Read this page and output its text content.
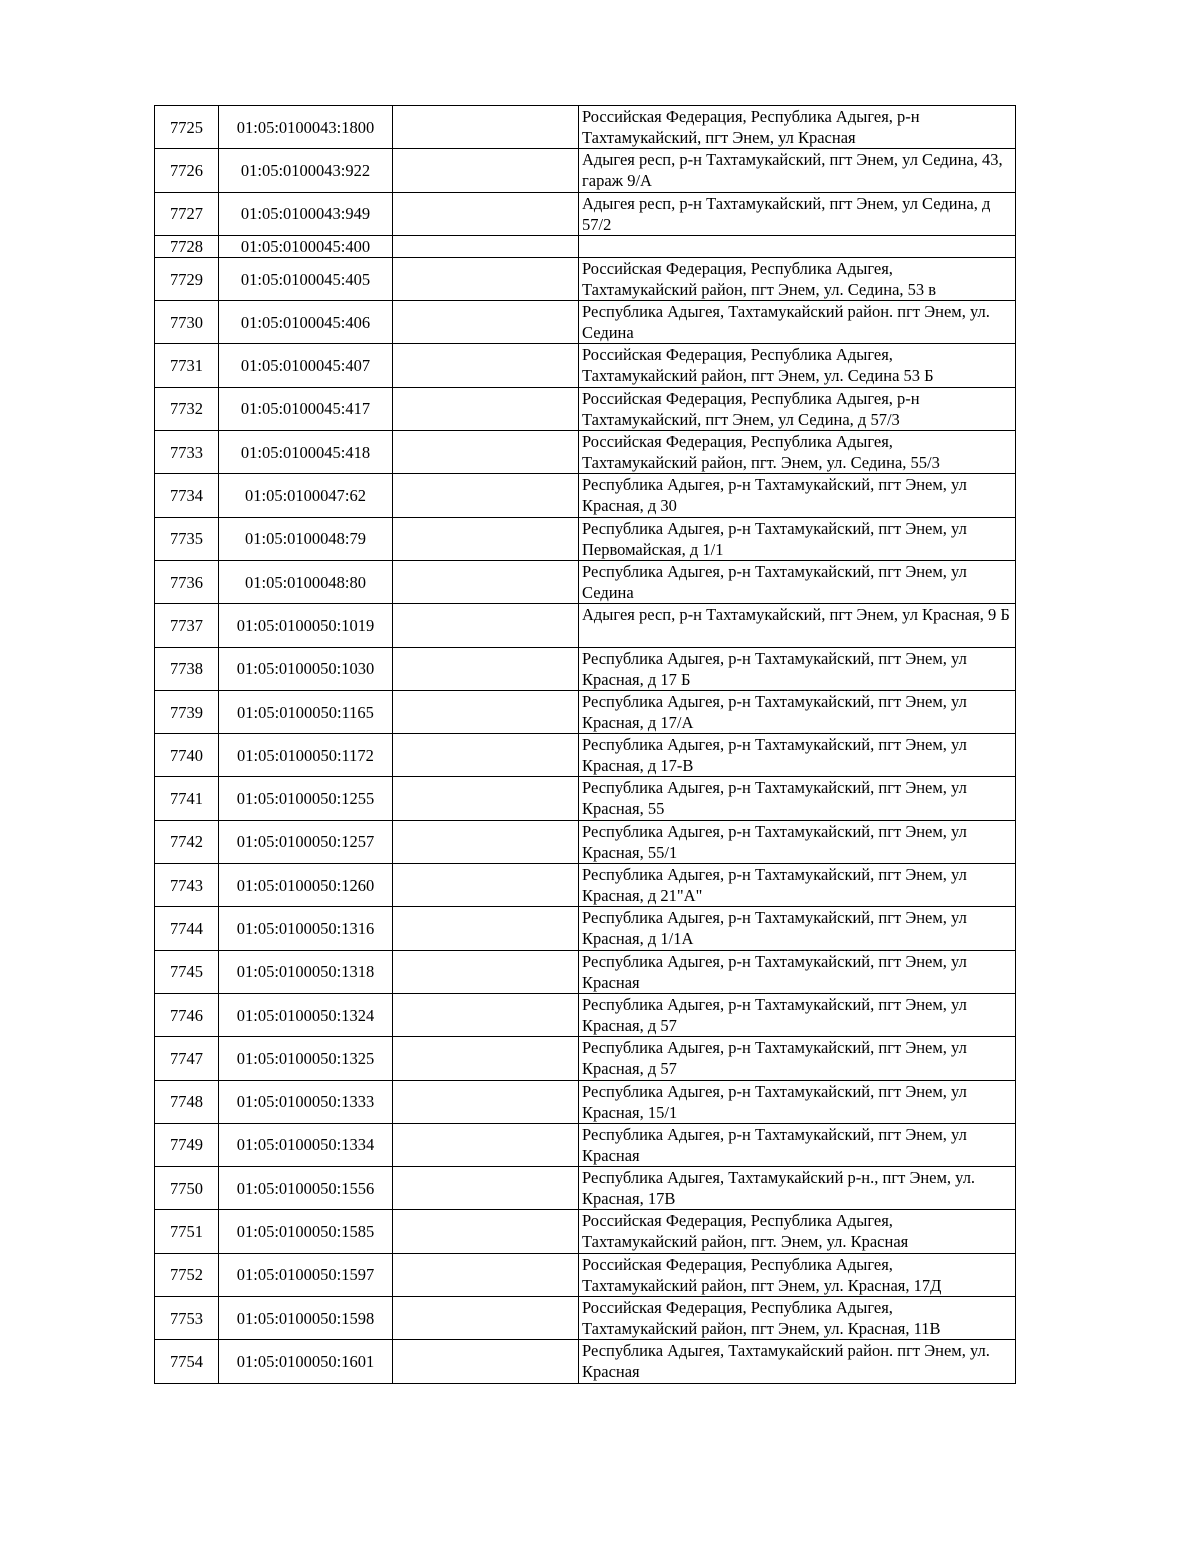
7725	01:05:0100043:1800		Российская Федерация, Республика Адыгея, р-н Тахтамукайский, пгт Энем, ул Красная
7726	01:05:0100043:922		Адыгея респ, р-н Тахтамукайский, пгт Энем, ул Седина, 43, гараж 9/А
7727	01:05:0100043:949		Адыгея респ, р-н Тахтамукайский, пгт Энем, ул Седина, д 57/2
7728	01:05:0100045:400		
7729	01:05:0100045:405		Российская Федерация, Республика Адыгея, Тахтамукайский район, пгт Энем, ул. Седина, 53 в
7730	01:05:0100045:406		Республика Адыгея, Тахтамукайский район. пгт Энем, ул. Седина
7731	01:05:0100045:407		Российская Федерация, Республика Адыгея, Тахтамукайский район, пгт Энем, ул. Седина 53 Б
7732	01:05:0100045:417		Российская Федерация, Республика Адыгея, р-н Тахтамукайский, пгт Энем, ул Седина, д 57/3
7733	01:05:0100045:418		Российская Федерация, Республика Адыгея, Тахтамукайский район, пгт. Энем, ул. Седина, 55/3
7734	01:05:0100047:62		Республика Адыгея, р-н Тахтамукайский, пгт Энем, ул Красная, д 30
7735	01:05:0100048:79		Республика Адыгея, р-н Тахтамукайский, пгт Энем, ул Первомайская, д 1/1
7736	01:05:0100048:80		Республика Адыгея, р-н Тахтамукайский, пгт Энем, ул Седина
7737	01:05:0100050:1019		Адыгея респ, р-н Тахтамукайский, пгт Энем, ул Красная, 9 Б
7738	01:05:0100050:1030		Республика Адыгея, р-н Тахтамукайский, пгт Энем, ул Красная, д 17 Б
7739	01:05:0100050:1165		Республика Адыгея, р-н Тахтамукайский, пгт Энем, ул Красная, д 17/А
7740	01:05:0100050:1172		Республика Адыгея, р-н Тахтамукайский, пгт Энем, ул Красная, д 17-В
7741	01:05:0100050:1255		Республика Адыгея, р-н Тахтамукайский, пгт Энем, ул Красная, 55
7742	01:05:0100050:1257		Республика Адыгея, р-н Тахтамукайский, пгт Энем, ул Красная, 55/1
7743	01:05:0100050:1260		Республика Адыгея, р-н Тахтамукайский, пгт Энем, ул Красная, д 21"А"
7744	01:05:0100050:1316		Республика Адыгея, р-н Тахтамукайский, пгт Энем, ул Красная, д 1/1А
7745	01:05:0100050:1318		Республика Адыгея, р-н Тахтамукайский, пгт Энем, ул Красная
7746	01:05:0100050:1324		Республика Адыгея, р-н Тахтамукайский, пгт Энем, ул Красная, д 57
7747	01:05:0100050:1325		Республика Адыгея, р-н Тахтамукайский, пгт Энем, ул Красная, д 57
7748	01:05:0100050:1333		Республика Адыгея, р-н Тахтамукайский, пгт Энем, ул Красная, 15/1
7749	01:05:0100050:1334		Республика Адыгея, р-н Тахтамукайский, пгт Энем, ул Красная
7750	01:05:0100050:1556		Республика Адыгея, Тахтамукайский р-н., пгт Энем, ул. Красная, 17В
7751	01:05:0100050:1585		Российская Федерация, Республика Адыгея, Тахтамукайский район, пгт. Энем, ул. Красная
7752	01:05:0100050:1597		Российская Федерация, Республика Адыгея, Тахтамукайский район, пгт Энем, ул. Красная, 17Д
7753	01:05:0100050:1598		Российская Федерация, Республика Адыгея, Тахтамукайский район, пгт Энем, ул. Красная, 11В
7754	01:05:0100050:1601		Республика Адыгея, Тахтамукайский район. пгт Энем, ул. Красная
